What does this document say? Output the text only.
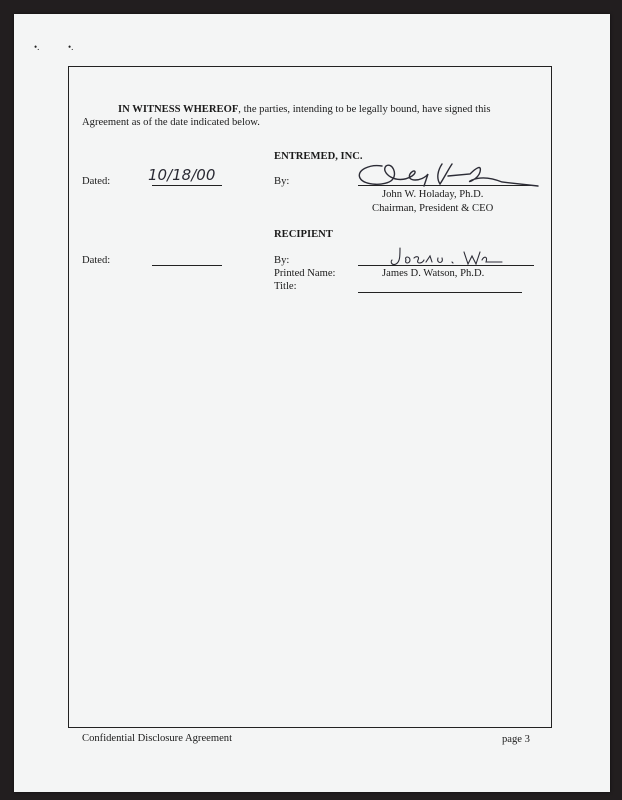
•.	•.
IN WITNESS WHEREOF, the parties, intending to be legally bound, have signed this
Agreement as of the date indicated below.
ENTREMED, INC.
Dated:	10/18/00	By:
John W. Holaday, Ph.D.
Chairman, President & CEO
RECIPIENT
Dated:	By:
Printed Name:	James D. Watson, Ph.D.
Title:
Confidential Disclosure Agreement	page 3
